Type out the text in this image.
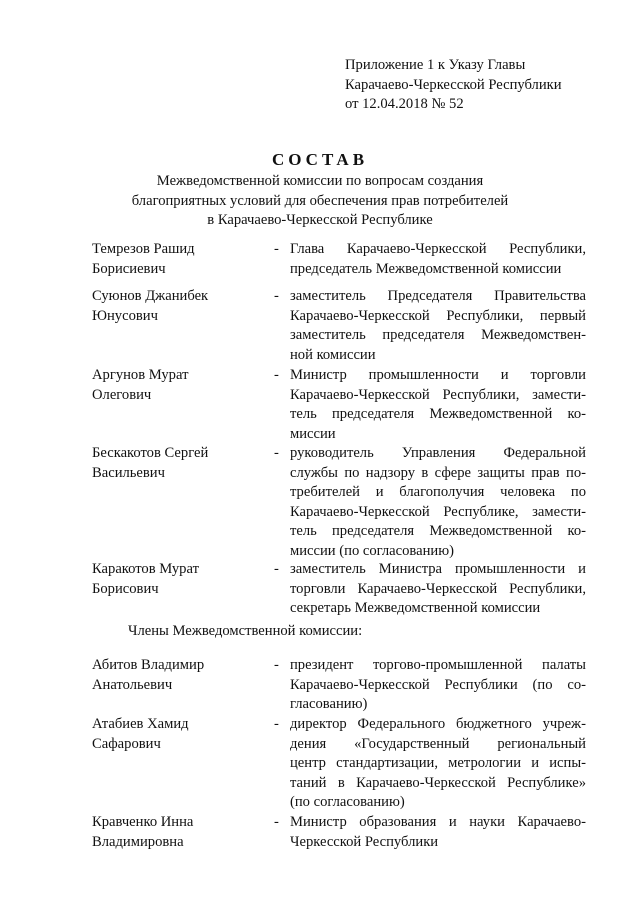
Приложение 1 к Указу Главы
Карачаево-Черкесской Республики
от 12.04.2018 № 52
СОСТАВ
Межведомственной комиссии по вопросам создания
благоприятных условий для обеспечения прав потребителей
в Карачаево-Черкесской Республике
Темрезов Рашид
Борисиевич
- Глава Карачаево-Черкесской Республики,
председатель Межведомственной комиссии
Суюнов Джанибек
Юнусович
- заместитель Председателя Правительства
Карачаево-Черкесской Республики, первый
заместитель председателя Межведомствен-
ной комиссии
Аргунов Мурат
Олегович
- Министр промышленности и торговли
Карачаево-Черкесской Республики, замести-
тель председателя Межведомственной ко-
миссии
Бескакотов Сергей
Васильевич
- руководитель Управления Федеральной
службы по надзору в сфере защиты прав по-
требителей и благополучия человека по
Карачаево-Черкесской Республике, замести-
тель председателя Межведомственной ко-
миссии (по согласованию)
Каракотов Мурат
Борисович
- заместитель Министра промышленности и
торговли Карачаево-Черкесской Республики,
секретарь Межведомственной комиссии
Члены Межведомственной комиссии:
Абитов Владимир
Анатольевич
- президент торгово-промышленной палаты
Карачаево-Черкесской Республики (по со-
гласованию)
Атабиев Хамид
Сафарович
- директор Федерального бюджетного учреж-
дения «Государственный региональный
центр стандартизации, метрологии и испы-
таний в Карачаево-Черкесской Республике»
(по согласованию)
Кравченко Инна
Владимировна
- Министр образования и науки Карачаево-
Черкесской Республики
